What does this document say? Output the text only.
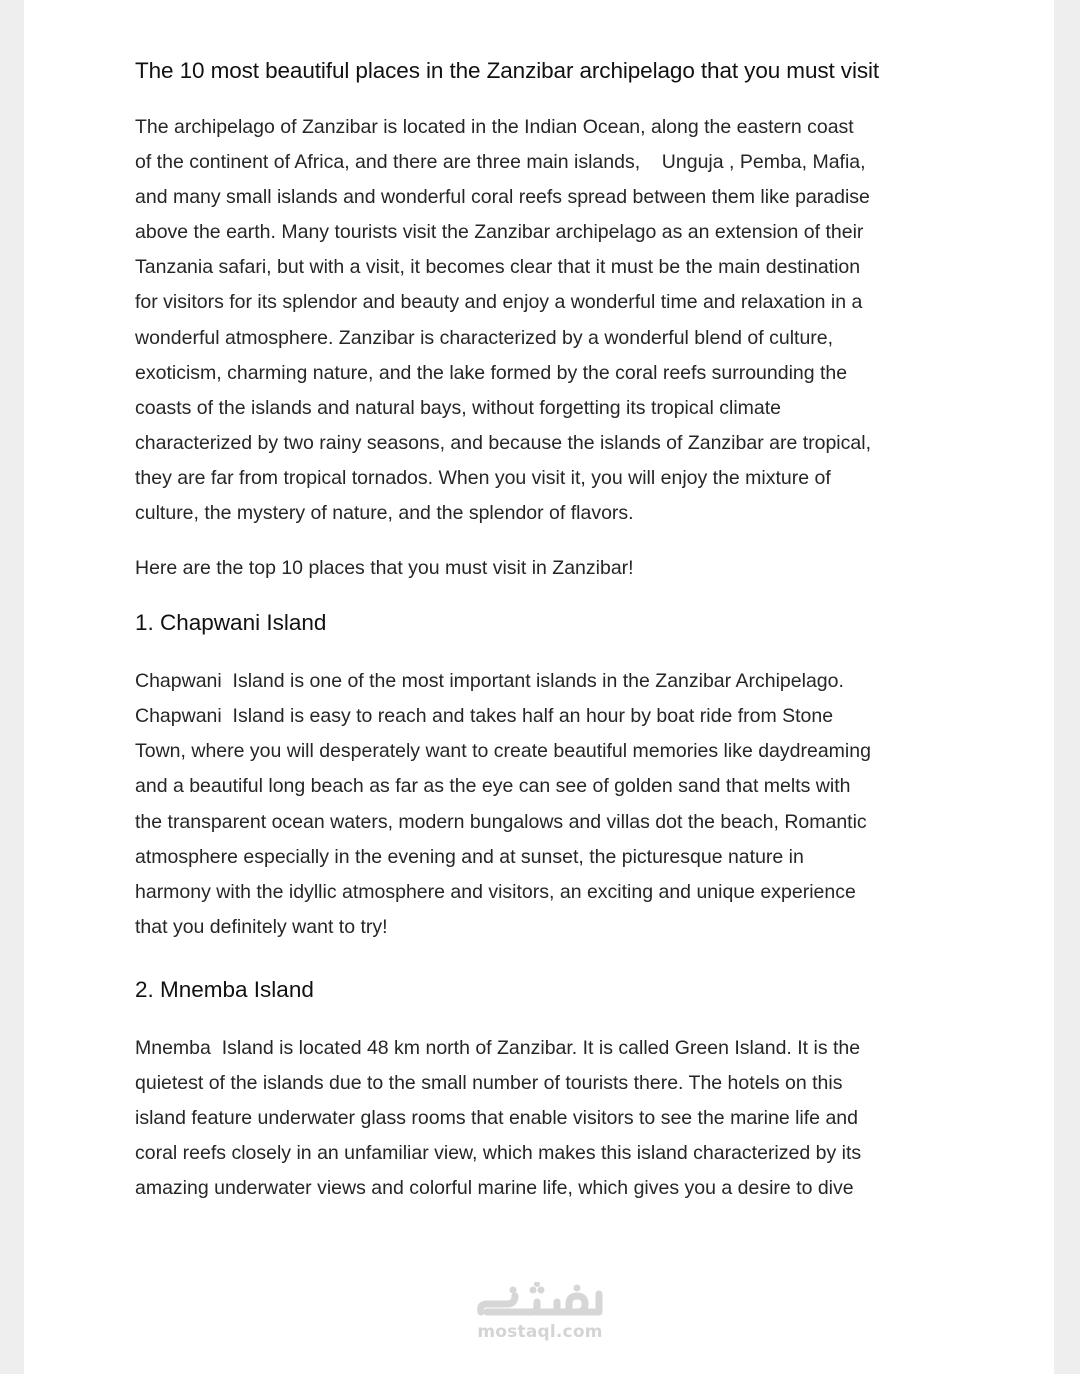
The 10 most beautiful places in the Zanzibar archipelago that you must visit

The archipelago of Zanzibar is located in the Indian Ocean, along the eastern coast
of the continent of Africa, and there are three main islands,    Unguja , Pemba, Mafia,
and many small islands and wonderful coral reefs spread between them like paradise
above the earth. Many tourists visit the Zanzibar archipelago as an extension of their
Tanzania safari, but with a visit, it becomes clear that it must be the main destination
for visitors for its splendor and beauty and enjoy a wonderful time and relaxation in a
wonderful atmosphere. Zanzibar is characterized by a wonderful blend of culture,
exoticism, charming nature, and the lake formed by the coral reefs surrounding the
coasts of the islands and natural bays, without forgetting its tropical climate
characterized by two rainy seasons, and because the islands of Zanzibar are tropical,
they are far from tropical tornados. When you visit it, you will enjoy the mixture of
culture, the mystery of nature, and the splendor of flavors.

Here are the top 10 places that you must visit in Zanzibar!

1. Chapwani Island

Chapwani  Island is one of the most important islands in the Zanzibar Archipelago.
Chapwani  Island is easy to reach and takes half an hour by boat ride from Stone
Town, where you will desperately want to create beautiful memories like daydreaming
and a beautiful long beach as far as the eye can see of golden sand that melts with
the transparent ocean waters, modern bungalows and villas dot the beach, Romantic
atmosphere especially in the evening and at sunset, the picturesque nature in
harmony with the idyllic atmosphere and visitors, an exciting and unique experience
that you definitely want to try!

2. Mnemba Island

Mnemba  Island is located 48 km north of Zanzibar. It is called Green Island. It is the
quietest of the islands due to the small number of tourists there. The hotels on this
island feature underwater glass rooms that enable visitors to see the marine life and
coral reefs closely in an unfamiliar view, which makes this island characterized by its
amazing underwater views and colorful marine life, which gives you a desire to dive

mostaql.com
